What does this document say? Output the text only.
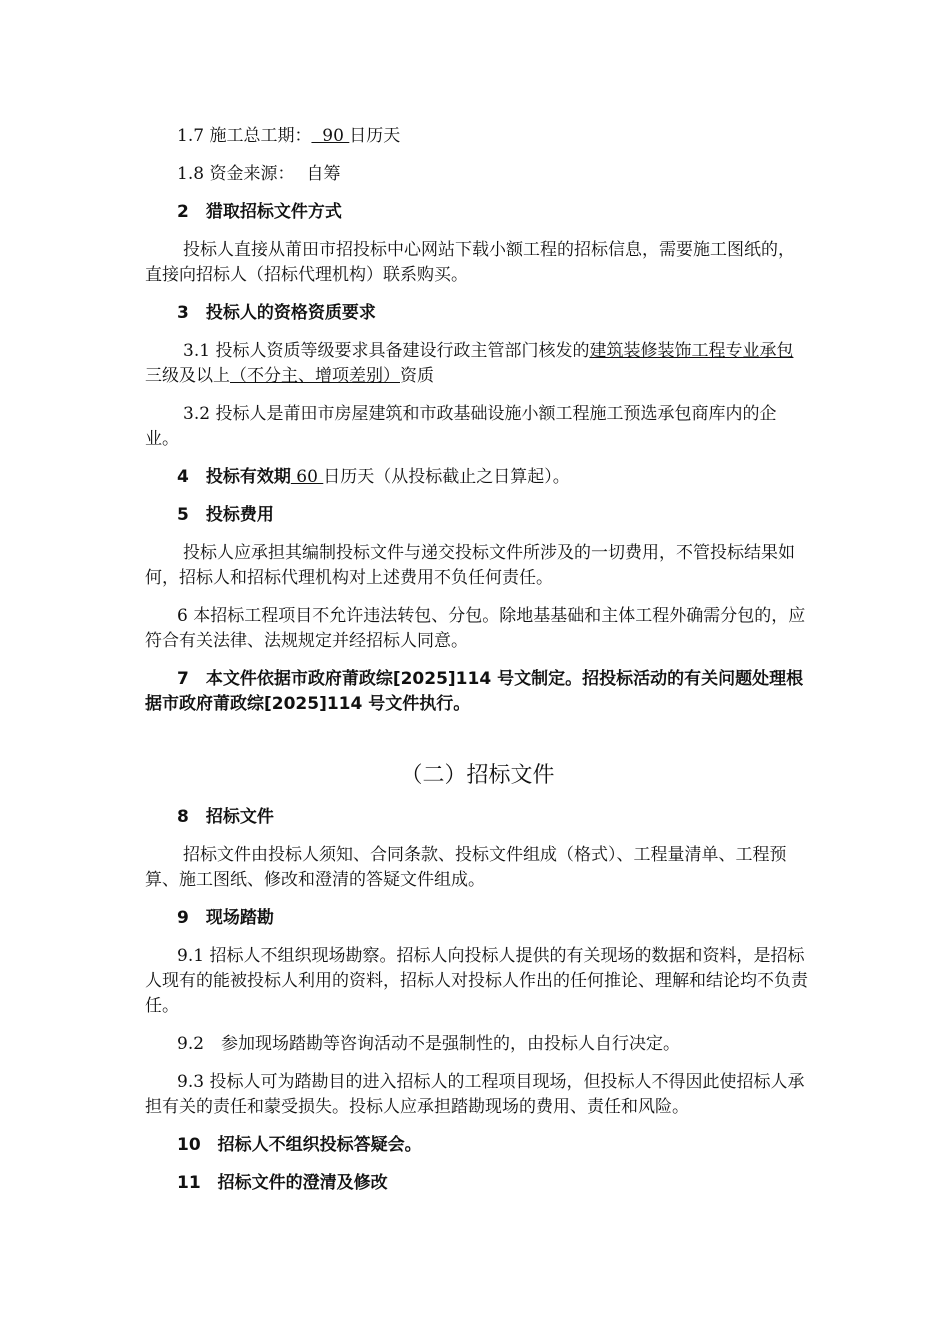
1.7 施工总工期：  90 日历天

1.8 资金来源： 自筹

2　猎取招标文件方式

投标人直接从莆田市招投标中心网站下载小额工程的招标信息，需要施工图纸的，直接向招标人（招标代理机构）联系购买。

3　投标人的资格资质要求

3.1 投标人资质等级要求具备建设行政主管部门核发的建筑装修装饰工程专业承包三级及以上（不分主、增项差别）资质

3.2 投标人是莆田市房屋建筑和市政基础设施小额工程施工预选承包商库内的企业。

4　投标有效期 60 日历天（从投标截止之日算起）。

5　投标费用

投标人应承担其编制投标文件与递交投标文件所涉及的一切费用，不管投标结果如何，招标人和招标代理机构对上述费用不负任何责任。

6 本招标工程项目不允许违法转包、分包。除地基基础和主体工程外确需分包的，应符合有关法律、法规规定并经招标人同意。

7　本文件依据市政府莆政综[2025]114 号文制定。招投标活动的有关问题处理根据市政府莆政综[2025]114 号文件执行。

（二）招标文件

8　招标文件

招标文件由投标人须知、合同条款、投标文件组成（格式）、工程量清单、工程预算、施工图纸、修改和澄清的答疑文件组成。

9　现场踏勘

9.1 招标人不组织现场勘察。招标人向投标人提供的有关现场的数据和资料，是招标人现有的能被投标人利用的资料，招标人对投标人作出的任何推论、理解和结论均不负责任。

9.2　参加现场踏勘等咨询活动不是强制性的，由投标人自行决定。

9.3 投标人可为踏勘目的进入招标人的工程项目现场，但投标人不得因此使招标人承担有关的责任和蒙受损失。投标人应承担踏勘现场的费用、责任和风险。

10　招标人不组织投标答疑会。

11　招标文件的澄清及修改
